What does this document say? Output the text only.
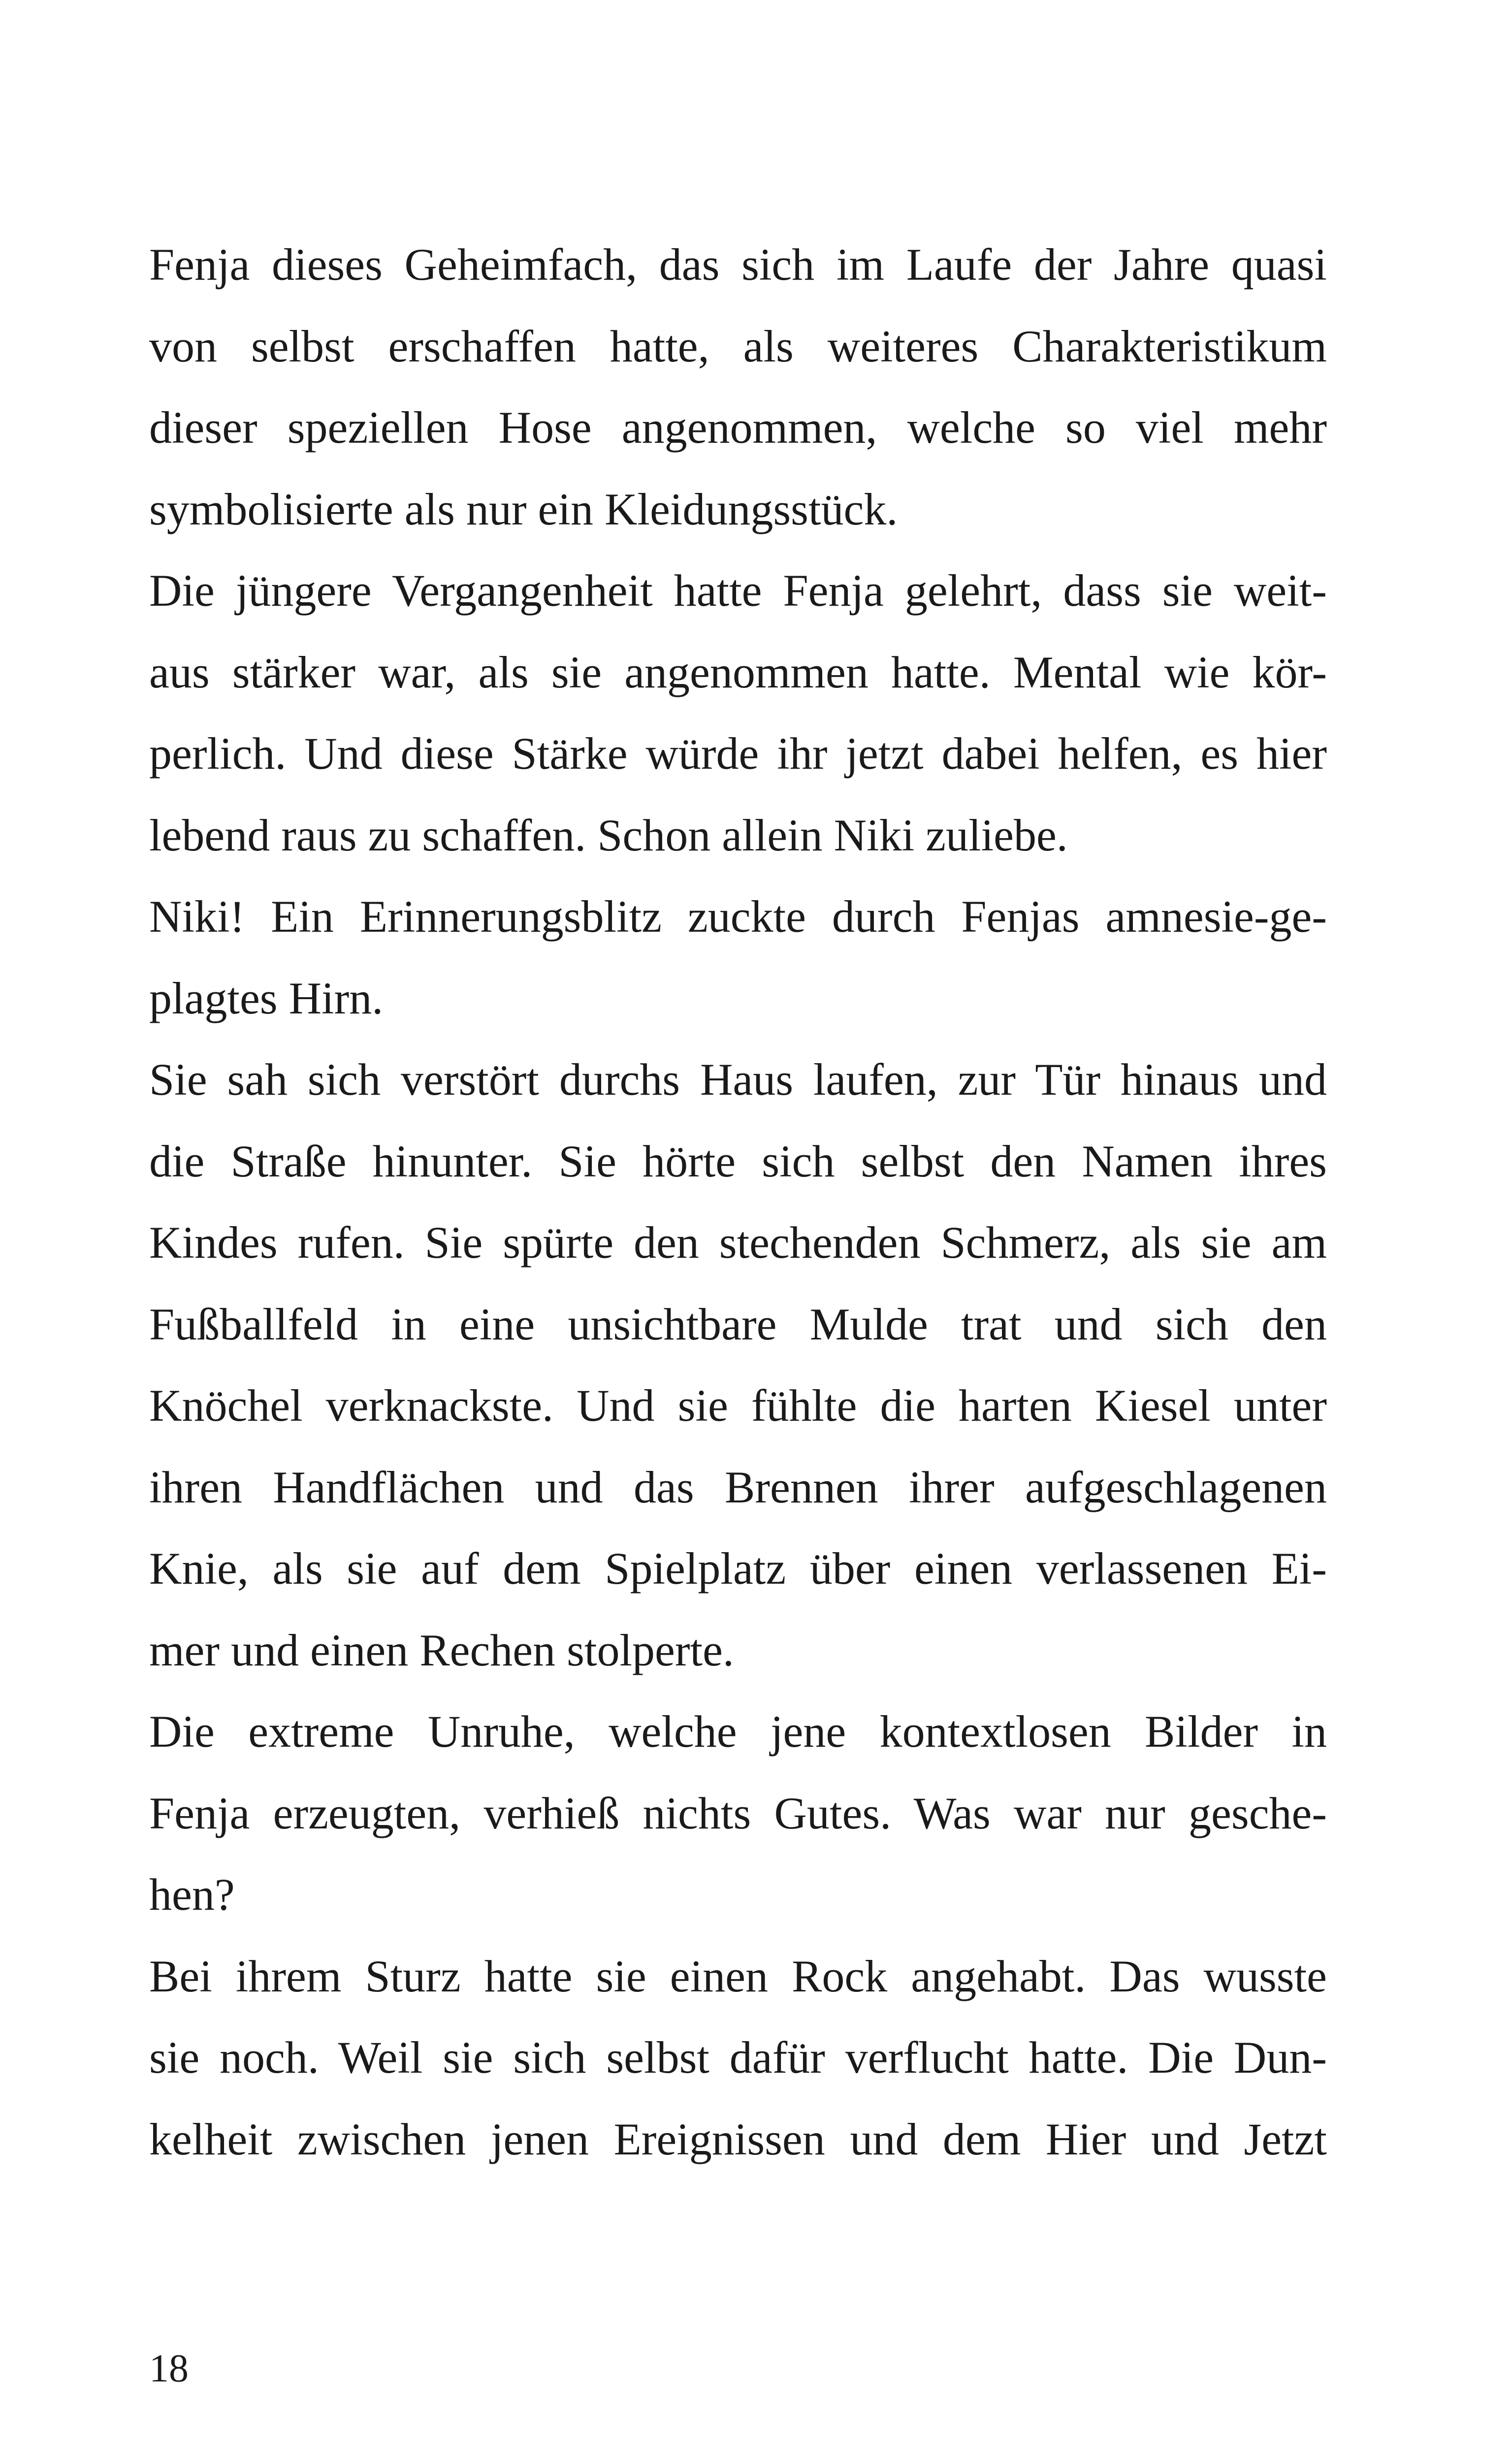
Fenja dieses Geheimfach, das sich im Laufe der Jahre quasi
von selbst erschaffen hatte, als weiteres Charakteristikum
dieser speziellen Hose angenommen, welche so viel mehr
symbolisierte als nur ein Kleidungsstück.
Die jüngere Vergangenheit hatte Fenja gelehrt, dass sie weit-
aus stärker war, als sie angenommen hatte. Mental wie kör-
perlich. Und diese Stärke würde ihr jetzt dabei helfen, es hier
lebend raus zu schaffen. Schon allein Niki zuliebe.
Niki! Ein Erinnerungsblitz zuckte durch Fenjas amnesie-ge-
plagtes Hirn.
Sie sah sich verstört durchs Haus laufen, zur Tür hinaus und
die Straße hinunter. Sie hörte sich selbst den Namen ihres
Kindes rufen. Sie spürte den stechenden Schmerz, als sie am
Fußballfeld in eine unsichtbare Mulde trat und sich den
Knöchel verknackste. Und sie fühlte die harten Kiesel unter
ihren Handflächen und das Brennen ihrer aufgeschlagenen
Knie, als sie auf dem Spielplatz über einen verlassenen Ei-
mer und einen Rechen stolperte.
Die extreme Unruhe, welche jene kontextlosen Bilder in
Fenja erzeugten, verhieß nichts Gutes. Was war nur gesche-
hen?
Bei ihrem Sturz hatte sie einen Rock angehabt. Das wusste
sie noch. Weil sie sich selbst dafür verflucht hatte. Die Dun-
kelheit zwischen jenen Ereignissen und dem Hier und Jetzt
18
